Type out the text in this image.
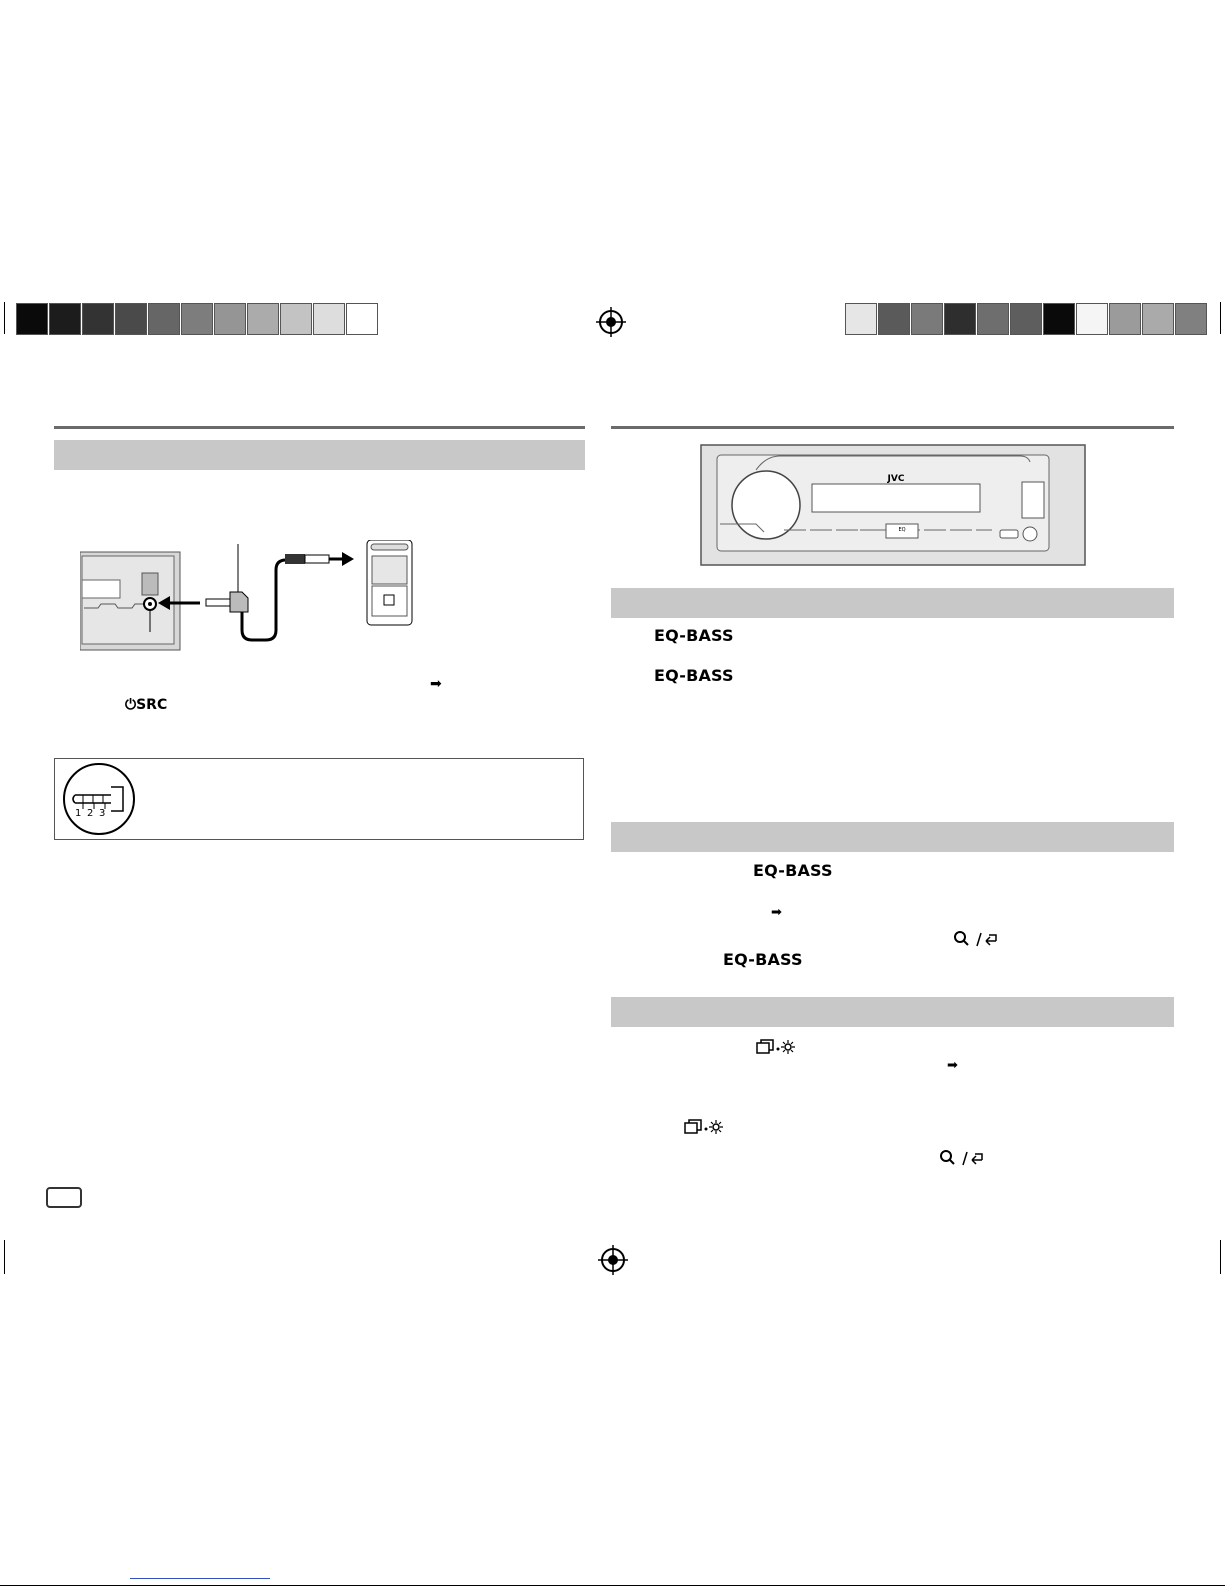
⏻SRC
➡
1 2 3
JVC
EQ
EQ-BASS
EQ-BASS
EQ-BASS
➡
EQ-BASS
➡
